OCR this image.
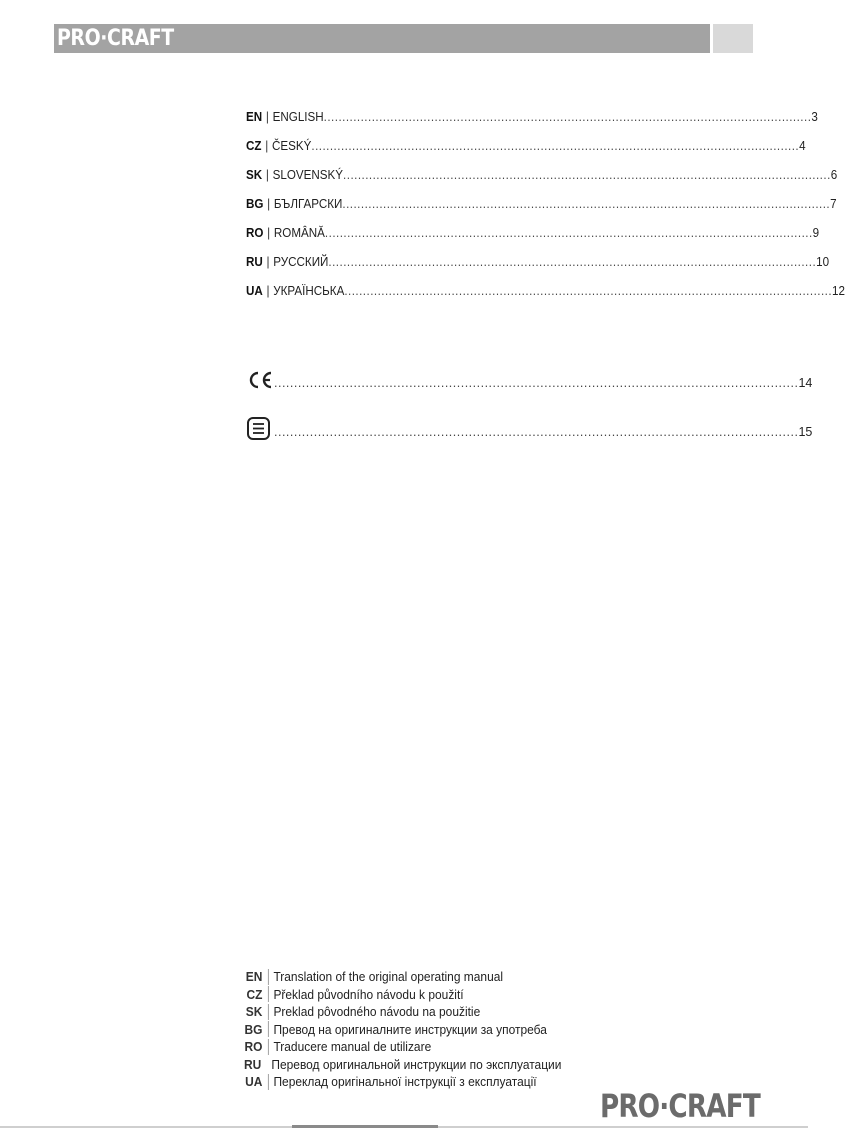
PRO·CRAFT
EN | ENGLISH .................................................................................................................................... 3
CZ | ČESKÝ .................................................................................................................................... 4
SK | SLOVENSKÝ .................................................................................................................................... 6
BG | БЪЛГАРСКИ .................................................................................................................................... 7
RO | ROMÂNĂ .................................................................................................................................... 9
RU | РУССКИЙ .................................................................................................................................... 10
UA | УКРАЇНСЬКА .................................................................................................................................... 12
.................................................................................................................................... 14
.................................................................................................................................... 15
EN Translation of the original operating manual
CZ Překlad původního návodu k použití
SK Preklad pôvodného návodu na použitie
BG Превод на оригиналните инструкции за употреба
RO Traducere manual de utilizare
RU Перевод оригинальной инструкции по эксплуатации
UA Переклад оригінальної інструкції з експлуатації
PRO·CRAFT
